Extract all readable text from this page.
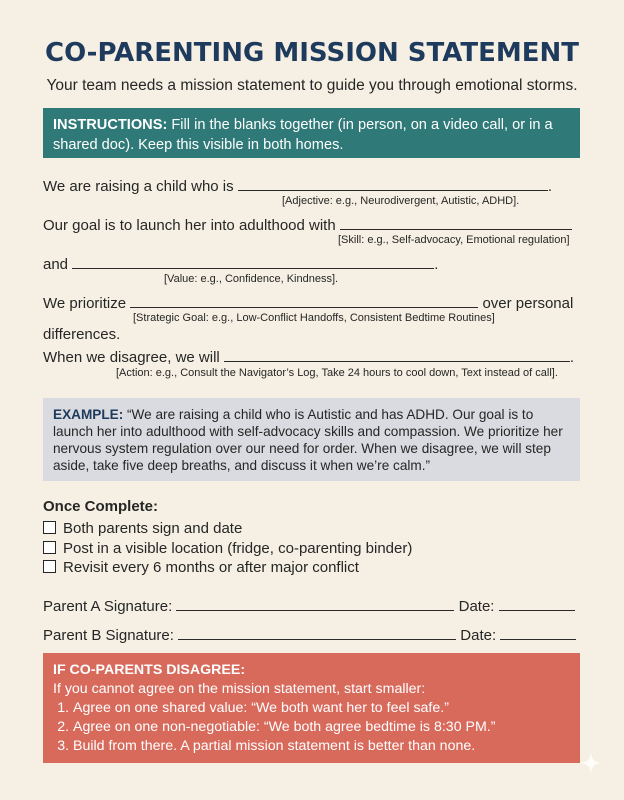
CO-PARENTING MISSION STATEMENT
Your team needs a mission statement to guide you through emotional storms.
INSTRUCTIONS: Fill in the blanks together (in person, on a video call, or in a shared doc). Keep this visible in both homes.
We are raising a child who is	.
[Adjective: e.g., Neurodivergent, Autistic, ADHD].
Our goal is to launch her into adulthood with
[Skill: e.g., Self-advocacy, Emotional regulation]
and	.
[Value: e.g., Confidence, Kindness].
We prioritize	over personal
[Strategic Goal: e.g., Low-Conflict Handoffs, Consistent Bedtime Routines]
differences.
When we disagree, we will	.
[Action: e.g., Consult the Navigator’s Log, Take 24 hours to cool down, Text instead of call].
EXAMPLE: “We are raising a child who is Autistic and has ADHD. Our goal is to launch her into adulthood with self-advocacy skills and compassion. We prioritize her nervous system regulation over our need for order. When we disagree, we will step aside, take five deep breaths, and discuss it when we’re calm.”
Once Complete:
Both parents sign and date
Post in a visible location (fridge, co-parenting binder)
Revisit every 6 months or after major conflict
Parent A Signature:	Date:
Parent B Signature:	Date:
IF CO-PARENTS DISAGREE:
If you cannot agree on the mission statement, start smaller:
1. Agree on one shared value: “We both want her to feel safe.”
2. Agree on one non-negotiable: “We both agree bedtime is 8:30 PM.”
3. Build from there. A partial mission statement is better than none.
